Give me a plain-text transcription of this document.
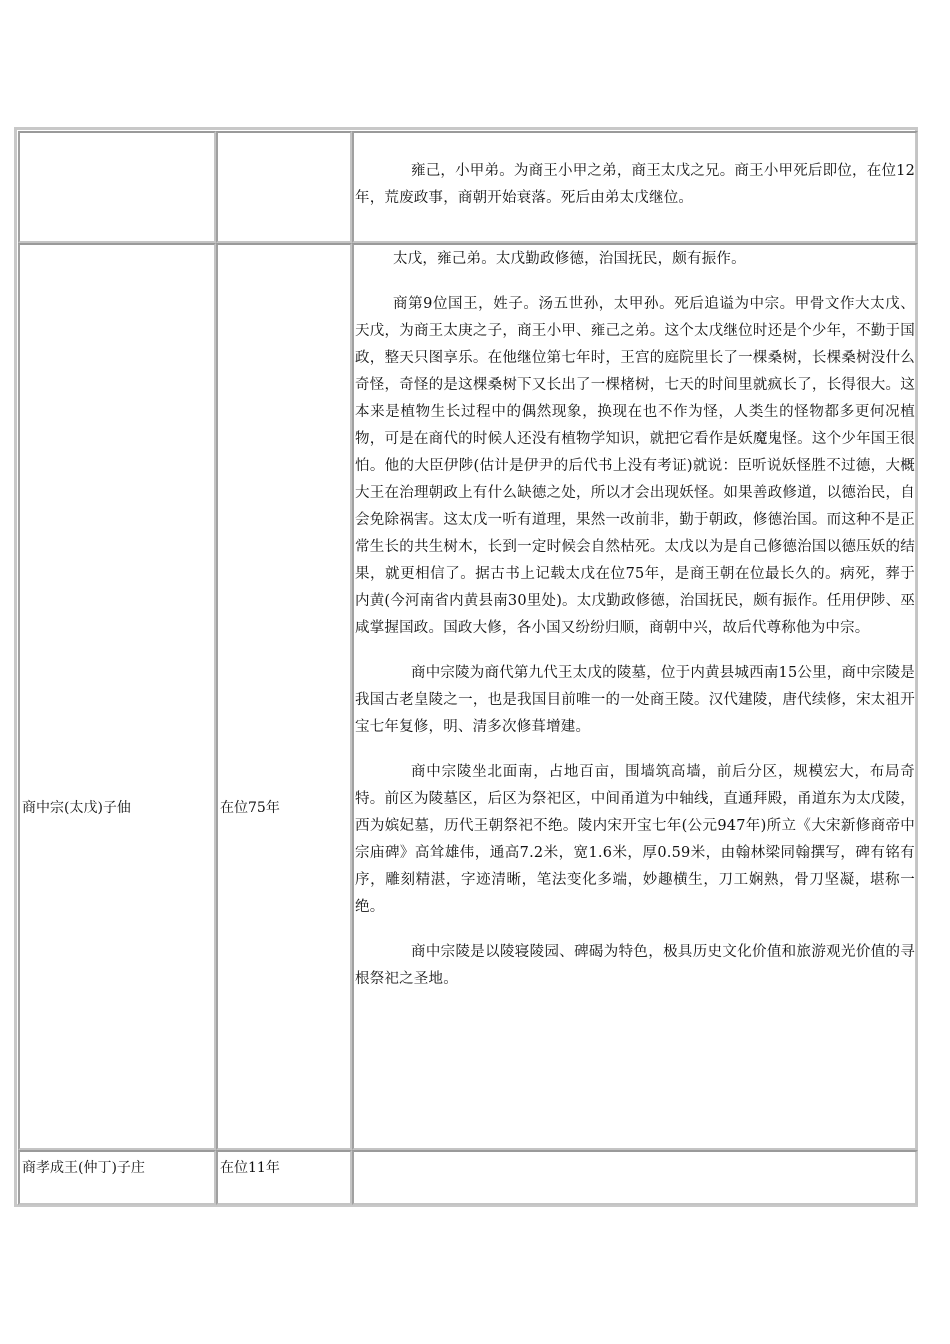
雍己，小甲弟。为商王小甲之弟，商王太戊之兄。商王小甲死后即位，在位12年，荒废政事，商朝开始衰落。死后由弟太戊继位。

商中宗(太戊)子伷	在位75年

太戊，雍己弟。太戊勤政修德，治国抚民，颇有振作。

商第9位国王，姓子。汤五世孙，太甲孙。死后追谥为中宗。甲骨文作大太戊、天戊，为商王太庚之子，商王小甲、雍己之弟。这个太戊继位时还是个少年，不勤于国政，整天只图享乐。在他继位第七年时，王宫的庭院里长了一棵桑树，长棵桑树没什么奇怪，奇怪的是这棵桑树下又长出了一棵楮树，七天的时间里就疯长了，长得很大。这本来是植物生长过程中的偶然现象，换现在也不作为怪，人类生的怪物都多更何况植物，可是在商代的时候人还没有植物学知识，就把它看作是妖魔鬼怪。这个少年国王很怕。他的大臣伊陟(估计是伊尹的后代书上没有考证)就说：臣听说妖怪胜不过德，大概大王在治理朝政上有什么缺德之处，所以才会出现妖怪。如果善政修道，以德治民，自会免除祸害。这太戊一听有道理，果然一改前非，勤于朝政，修德治国。而这种不是正常生长的共生树木，长到一定时候会自然枯死。太戊以为是自己修德治国以德压妖的结果，就更相信了。据古书上记载太戊在位75年，是商王朝在位最长久的。病死，葬于内黄(今河南省内黄县南30里处)。太戊勤政修德，治国抚民，颇有振作。任用伊陟、巫咸掌握国政。国政大修，各小国又纷纷归顺，商朝中兴，故后代尊称他为中宗。

商中宗陵为商代第九代王太戊的陵墓，位于内黄县城西南15公里，商中宗陵是我国古老皇陵之一，也是我国目前唯一的一处商王陵。汉代建陵，唐代续修，宋太祖开宝七年复修，明、清多次修葺增建。

商中宗陵坐北面南，占地百亩，围墙筑高墙，前后分区，规模宏大，布局奇特。前区为陵墓区，后区为祭祀区，中间甬道为中轴线，直通拜殿，甬道东为太戊陵，西为嫔妃墓，历代王朝祭祀不绝。陵内宋开宝七年(公元947年)所立《大宋新修商帝中宗庙碑》高耸雄伟，通高7.2米，宽1.6米，厚0.59米，由翰林梁同翰撰写，碑有铭有序，雕刻精湛，字迹清晰，笔法变化多端，妙趣横生，刀工娴熟，骨刀坚凝，堪称一绝。

商中宗陵是以陵寝陵园、碑碣为特色，极具历史文化价值和旅游观光价值的寻根祭祀之圣地。

商孝成王(仲丁)子庄	在位11年
